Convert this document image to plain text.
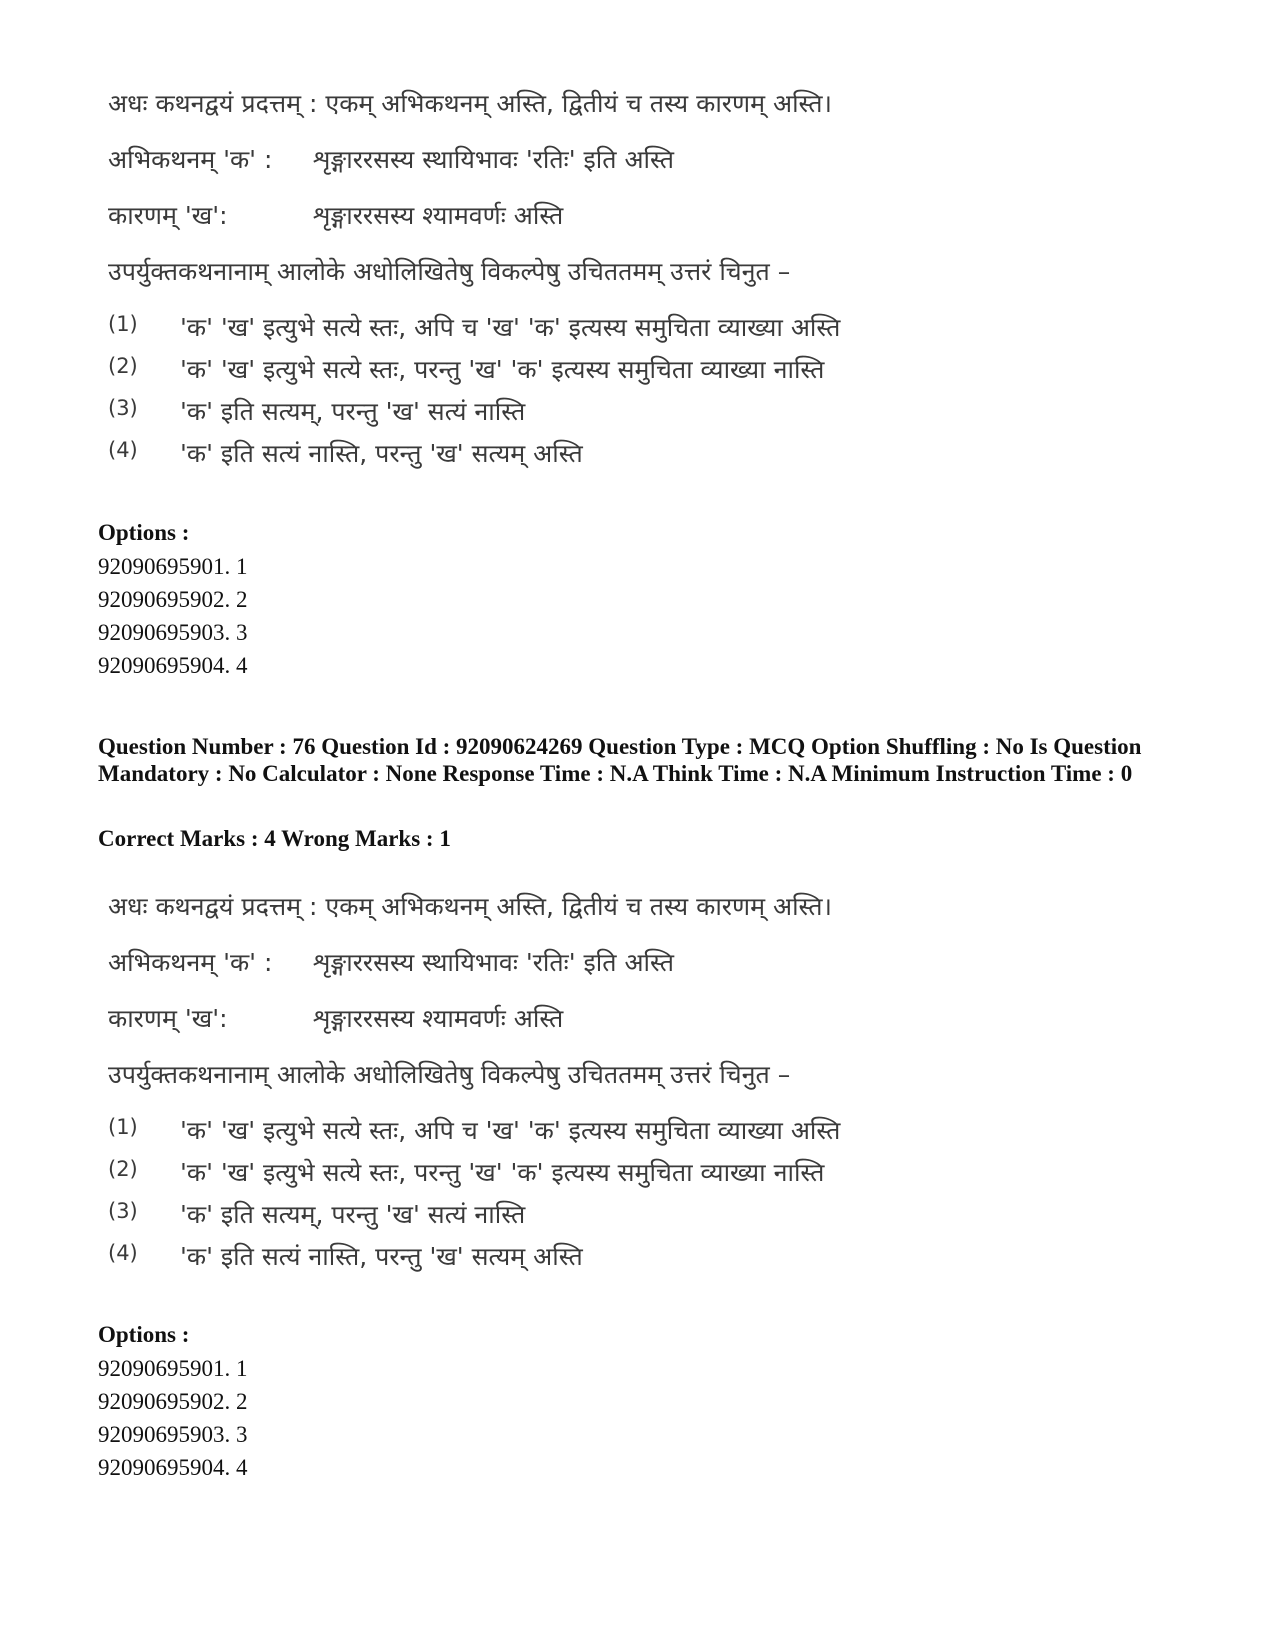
अधः कथनद्वयं प्रदत्तम् : एकम् अभिकथनम् अस्ति, द्वितीयं च तस्य कारणम् अस्ति।
अभिकथनम् 'क' : शृङ्गाररसस्य स्थायिभावः 'रतिः' इति अस्ति
कारणम् 'ख':	शृङ्गाररसस्य श्यामवर्णः अस्ति
उपर्युक्तकथनानाम् आलोके अधोलिखितेषु विकल्पेषु उचिततमम् उत्तरं चिनुत –
(1) 'क' 'ख' इत्युभे सत्ये स्तः, अपि च 'ख' 'क' इत्यस्य समुचिता व्याख्या अस्ति
(2) 'क' 'ख' इत्युभे सत्ये स्तः, परन्तु 'ख' 'क' इत्यस्य समुचिता व्याख्या नास्ति
(3) 'क' इति सत्यम्, परन्तु 'ख' सत्यं नास्ति
(4) 'क' इति सत्यं नास्ति, परन्तु 'ख' सत्यम् अस्ति
Options :
92090695901. 1
92090695902. 2
92090695903. 3
92090695904. 4
Question Number : 76 Question Id : 92090624269 Question Type : MCQ Option Shuffling : No Is Question Mandatory : No Calculator : None Response Time : N.A Think Time : N.A Minimum Instruction Time : 0
Correct Marks : 4 Wrong Marks : 1
अधः कथनद्वयं प्रदत्तम् : एकम् अभिकथनम् अस्ति, द्वितीयं च तस्य कारणम् अस्ति।
अभिकथनम् 'क' : शृङ्गाररसस्य स्थायिभावः 'रतिः' इति अस्ति
कारणम् 'ख':	शृङ्गाररसस्य श्यामवर्णः अस्ति
उपर्युक्तकथनानाम् आलोके अधोलिखितेषु विकल्पेषु उचिततमम् उत्तरं चिनुत –
(1) 'क' 'ख' इत्युभे सत्ये स्तः, अपि च 'ख' 'क' इत्यस्य समुचिता व्याख्या अस्ति
(2) 'क' 'ख' इत्युभे सत्ये स्तः, परन्तु 'ख' 'क' इत्यस्य समुचिता व्याख्या नास्ति
(3) 'क' इति सत्यम्, परन्तु 'ख' सत्यं नास्ति
(4) 'क' इति सत्यं नास्ति, परन्तु 'ख' सत्यम् अस्ति
Options :
92090695901. 1
92090695902. 2
92090695903. 3
92090695904. 4
